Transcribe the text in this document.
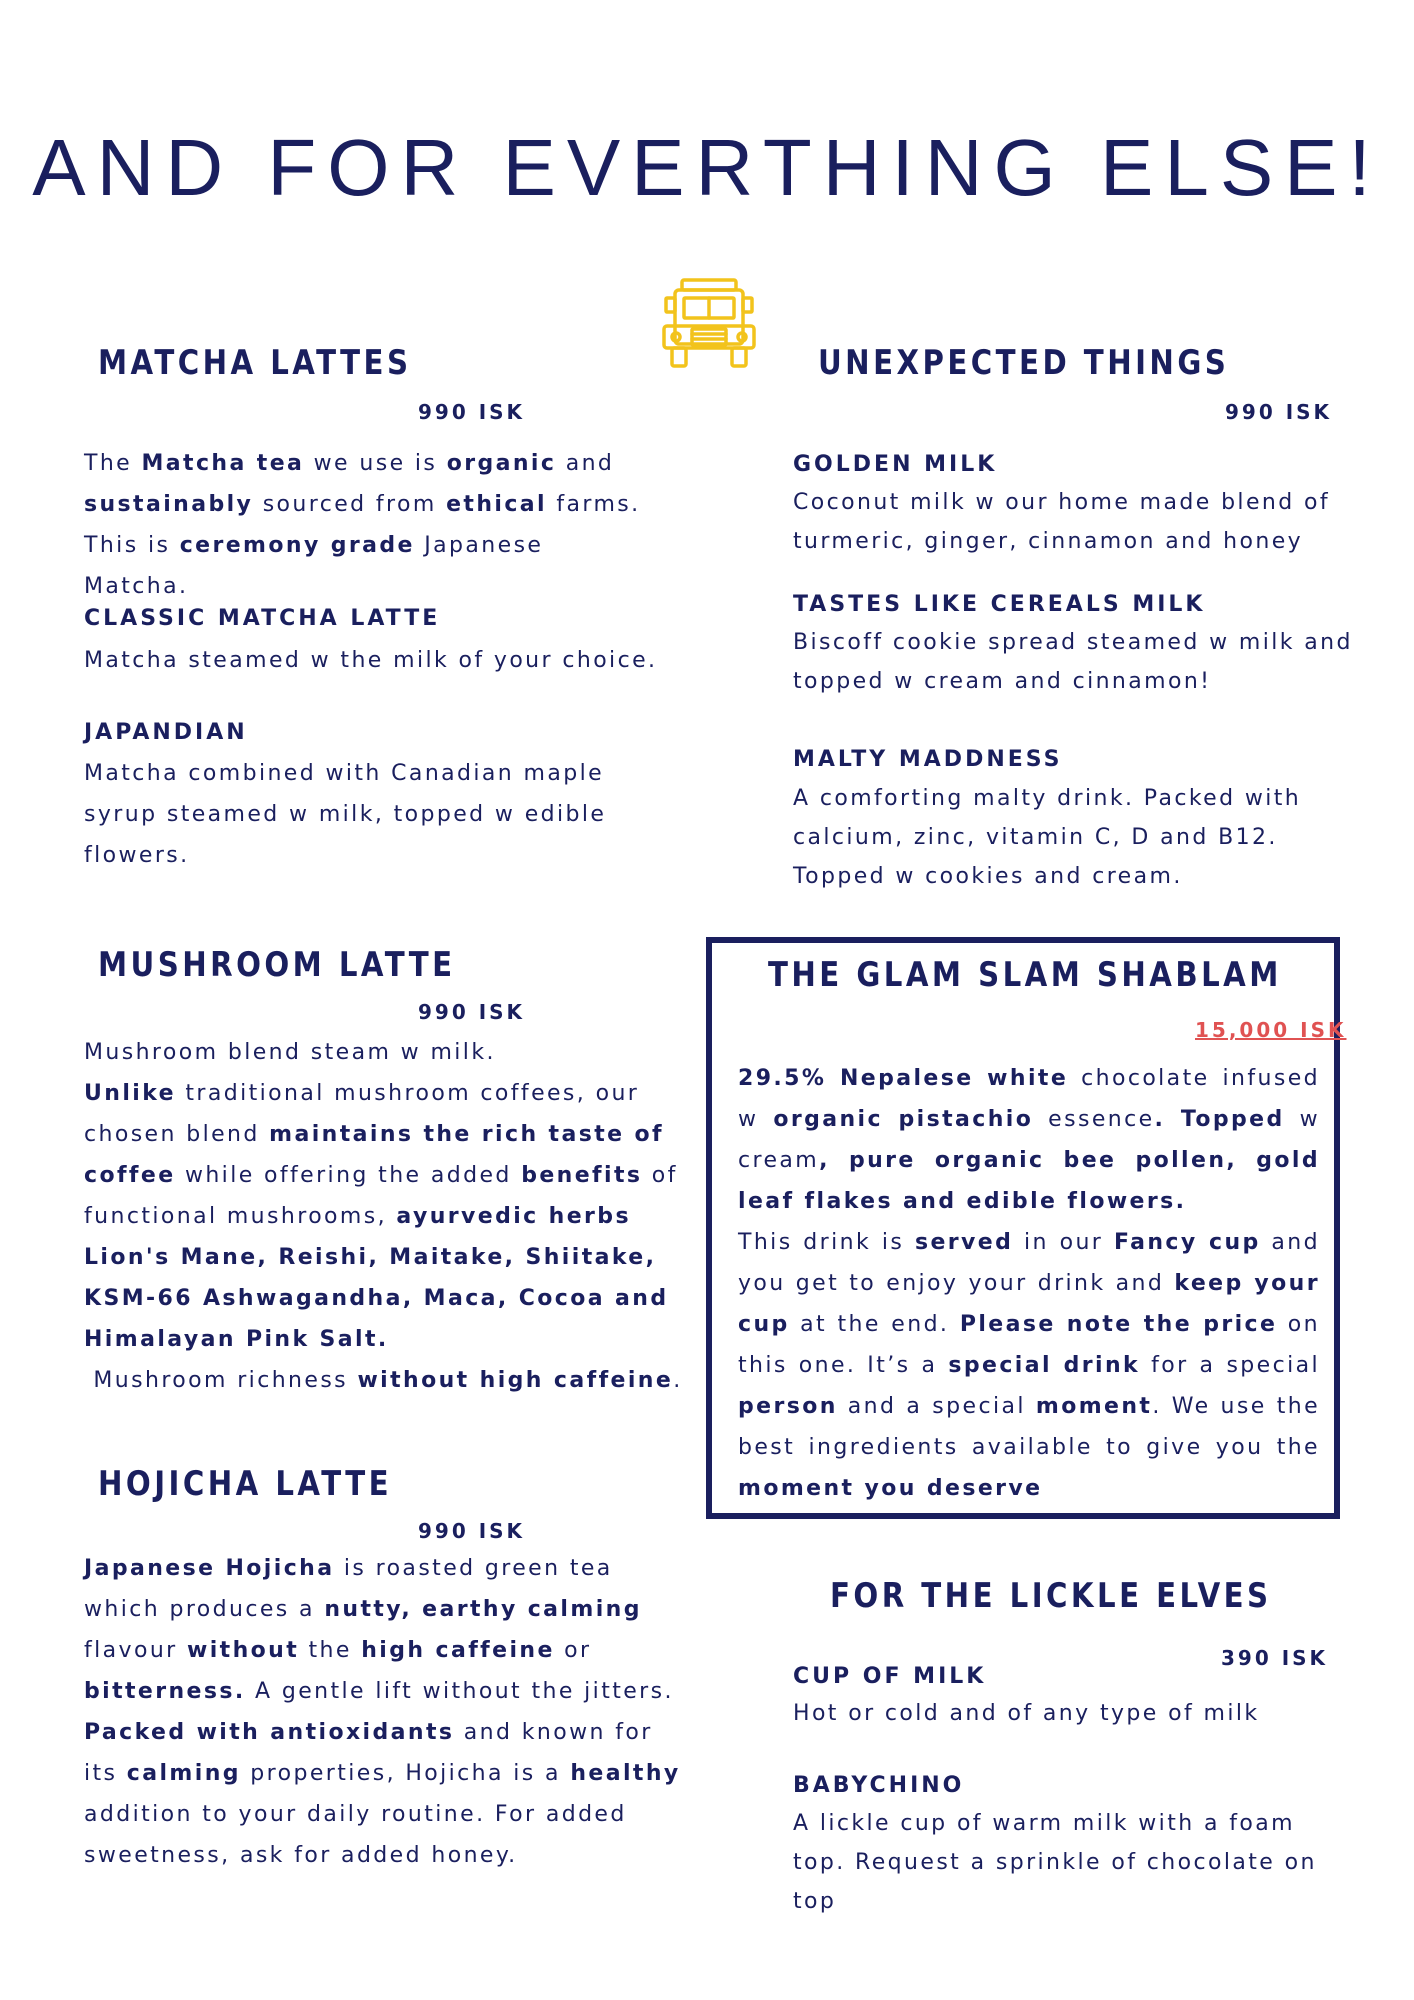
AND FOR EVERTHING ELSE!
MATCHA LATTES
990 ISK
The Matcha tea we use is organic and sustainably sourced from ethical farms. This is ceremony grade Japanese Matcha.
CLASSIC MATCHA LATTE
Matcha steamed w the milk of your choice.
JAPANDIAN
Matcha combined with Canadian maple syrup steamed w milk, topped w edible flowers.
UNEXPECTED THINGS
990 ISK
GOLDEN MILK
Coconut milk w our home made blend of turmeric, ginger, cinnamon and honey
TASTES LIKE CEREALS MILK
Biscoff cookie spread steamed w milk and topped w cream and cinnamon!
MALTY MADDNESS
A comforting malty drink. Packed with calcium, zinc, vitamin C, D and B12. Topped w cookies and cream.
MUSHROOM LATTE
990 ISK
Mushroom blend steam w milk.
Unlike traditional mushroom coffees, our chosen blend maintains the rich taste of coffee while offering the added benefits of functional mushrooms, ayurvedic herbs Lion's Mane, Reishi, Maitake, Shiitake, KSM-66 Ashwagandha, Maca, Cocoa and Himalayan Pink Salt.
Mushroom richness without high caffeine.
HOJICHA LATTE
990 ISK
Japanese Hojicha is roasted green tea which produces a nutty, earthy calming flavour without the high caffeine or bitterness. A gentle lift without the jitters. Packed with antioxidants and known for its calming properties, Hojicha is a healthy addition to your daily routine. For added sweetness, ask for added honey.
THE GLAM SLAM SHABLAM
15,000 ISK
29.5% Nepalese white chocolate infused w organic pistachio essence. Topped w cream, pure organic bee pollen, gold leaf flakes and edible flowers.
This drink is served in our Fancy cup and you get to enjoy your drink and keep your cup at the end. Please note the price on this one. It’s a special drink for a special person and a special moment. We use the best ingredients available to give you the moment you deserve
FOR THE LICKLE ELVES
390 ISK
CUP OF MILK
Hot or cold and of any type of milk
BABYCHINO
A lickle cup of warm milk with a foam top. Request a sprinkle of chocolate on top
